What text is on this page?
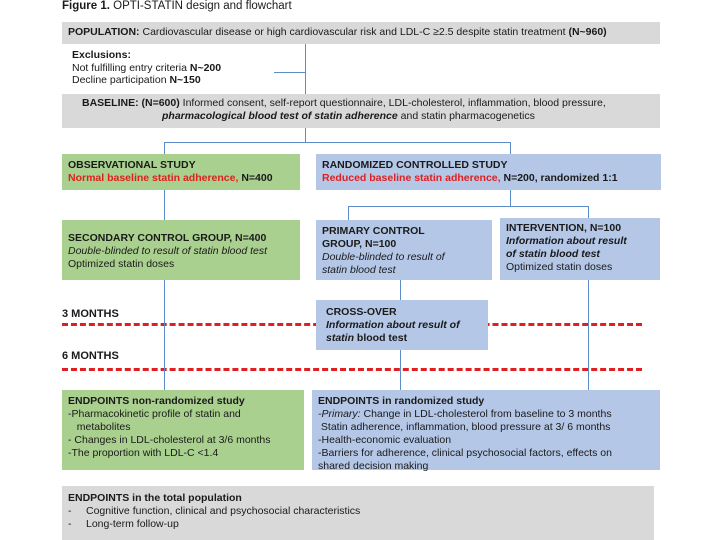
Figure 1. OPTI-STATIN design and flowchart
POPULATION: Cardiovascular disease or high cardiovascular risk and LDL-C ≥2.5 despite statin treatment (N~960)
Exclusions:
Not fulfilling entry criteria N~200
Decline participation N~150
BASELINE: (N=600) Informed consent, self-report questionnaire, LDL-cholesterol, inflammation, blood pressure,
pharmacological blood test of statin adherence and statin pharmacogenetics
OBSERVATIONAL STUDY
Normal baseline statin adherence, N=400
RANDOMIZED CONTROLLED STUDY
Reduced baseline statin adherence, N=200, randomized 1:1
SECONDARY CONTROL GROUP, N=400
Double-blinded to result of statin blood test
Optimized statin doses
PRIMARY CONTROL
GROUP, N=100
Double-blinded to result of
statin blood test
INTERVENTION, N=100
Information about result
of statin blood test
Optimized statin doses
3 MONTHS	CROSS-OVER
Information about result of
statin blood test
6 MONTHS
ENDPOINTS non-randomized study
-Pharmacokinetic profile of statin and
metabolites
- Changes in LDL-cholesterol at 3/6 months
-The proportion with LDL-C <1.4
ENDPOINTS in randomized study
-Primary: Change in LDL-cholesterol from baseline to 3 months
Statin adherence, inflammation, blood pressure at 3/ 6 months
-Health-economic evaluation
-Barriers for adherence, clinical psychosocial factors, effects on
shared decision making
ENDPOINTS in the total population
-	Cognitive function, clinical and psychosocial characteristics
-	Long-term follow-up
